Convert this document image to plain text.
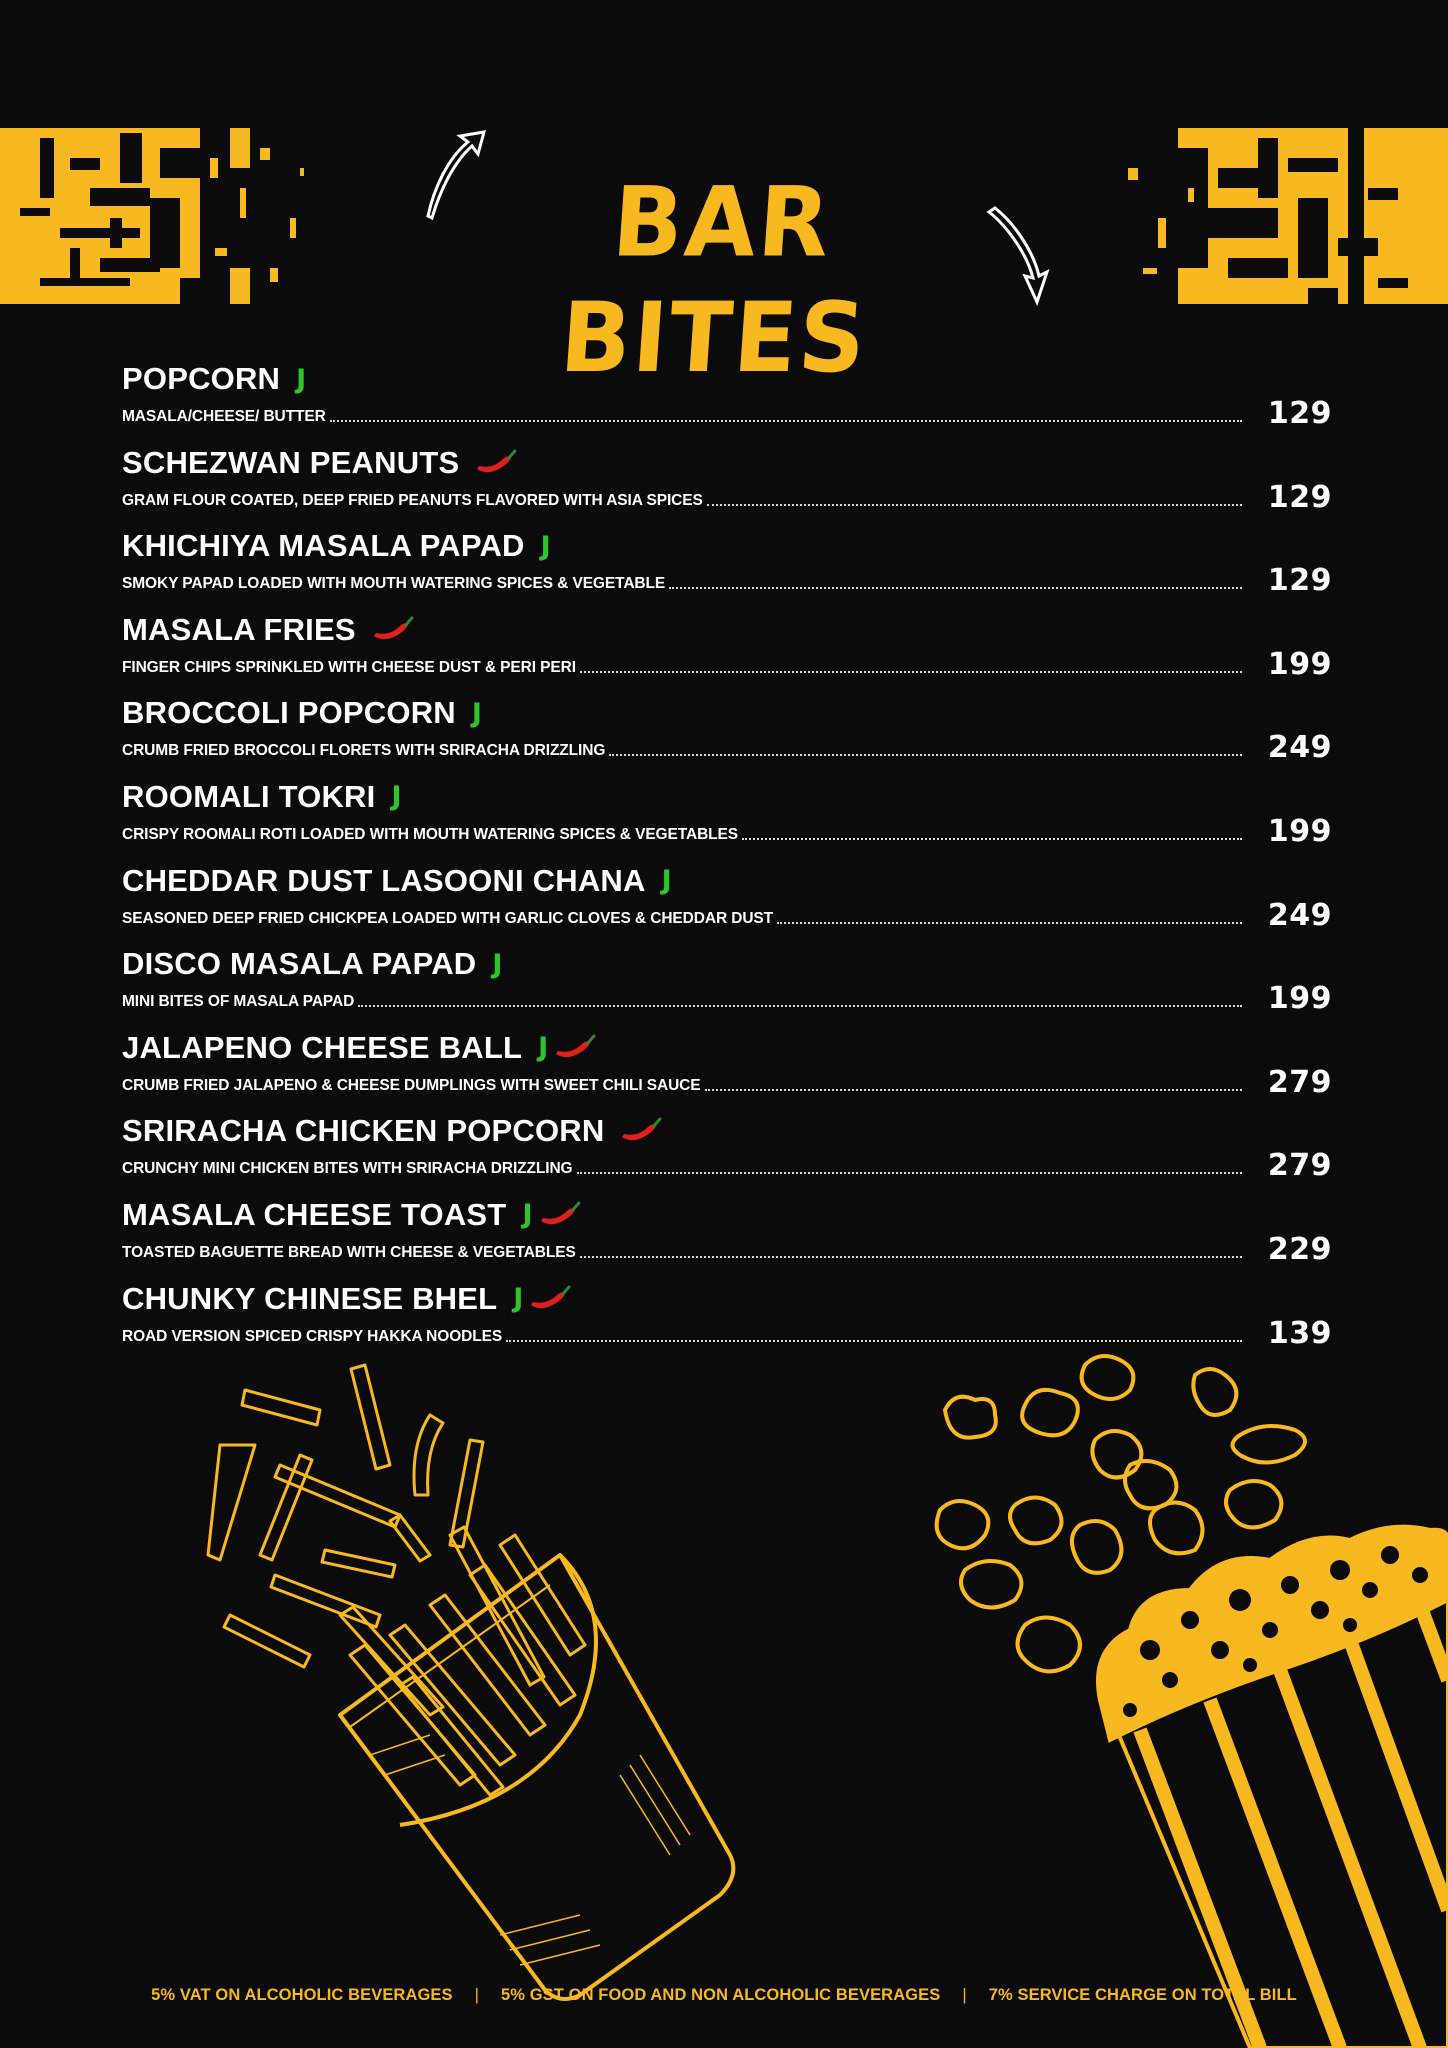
BAR BITES
POPCORN J
MASALA/CHEESE/ BUTTER	129
SCHEZWAN PEANUTS
GRAM FLOUR COATED, DEEP FRIED PEANUTS FLAVORED WITH ASIA SPICES	129
KHICHIYA MASALA PAPAD J
SMOKY PAPAD LOADED WITH MOUTH WATERING SPICES & VEGETABLE	129
MASALA FRIES
FINGER CHIPS SPRINKLED WITH CHEESE DUST & PERI PERI	199
BROCCOLI POPCORN J
CRUMB FRIED BROCCOLI FLORETS WITH SRIRACHA DRIZZLING	249
ROOMALI TOKRI J
CRISPY ROOMALI ROTI LOADED WITH MOUTH WATERING SPICES & VEGETABLES	199
CHEDDAR DUST LASOONI CHANA J
SEASONED DEEP FRIED CHICKPEA LOADED WITH GARLIC CLOVES & CHEDDAR DUST	249
DISCO MASALA PAPAD J
MINI BITES OF MASALA PAPAD	199
JALAPENO CHEESE BALL J
CRUMB FRIED JALAPENO & CHEESE DUMPLINGS WITH SWEET CHILI SAUCE	279
SRIRACHA CHICKEN POPCORN
CRUNCHY MINI CHICKEN BITES WITH SRIRACHA DRIZZLING	279
MASALA CHEESE TOAST J
TOASTED BAGUETTE BREAD WITH CHEESE & VEGETABLES	229
CHUNKY CHINESE BHEL J
ROAD VERSION SPICED CRISPY HAKKA NOODLES	139
5% VAT ON ALCOHOLIC BEVERAGES | 5% GST ON FOOD AND NON ALCOHOLIC BEVERAGES | 7% SERVICE CHARGE ON TOTAL BILL
